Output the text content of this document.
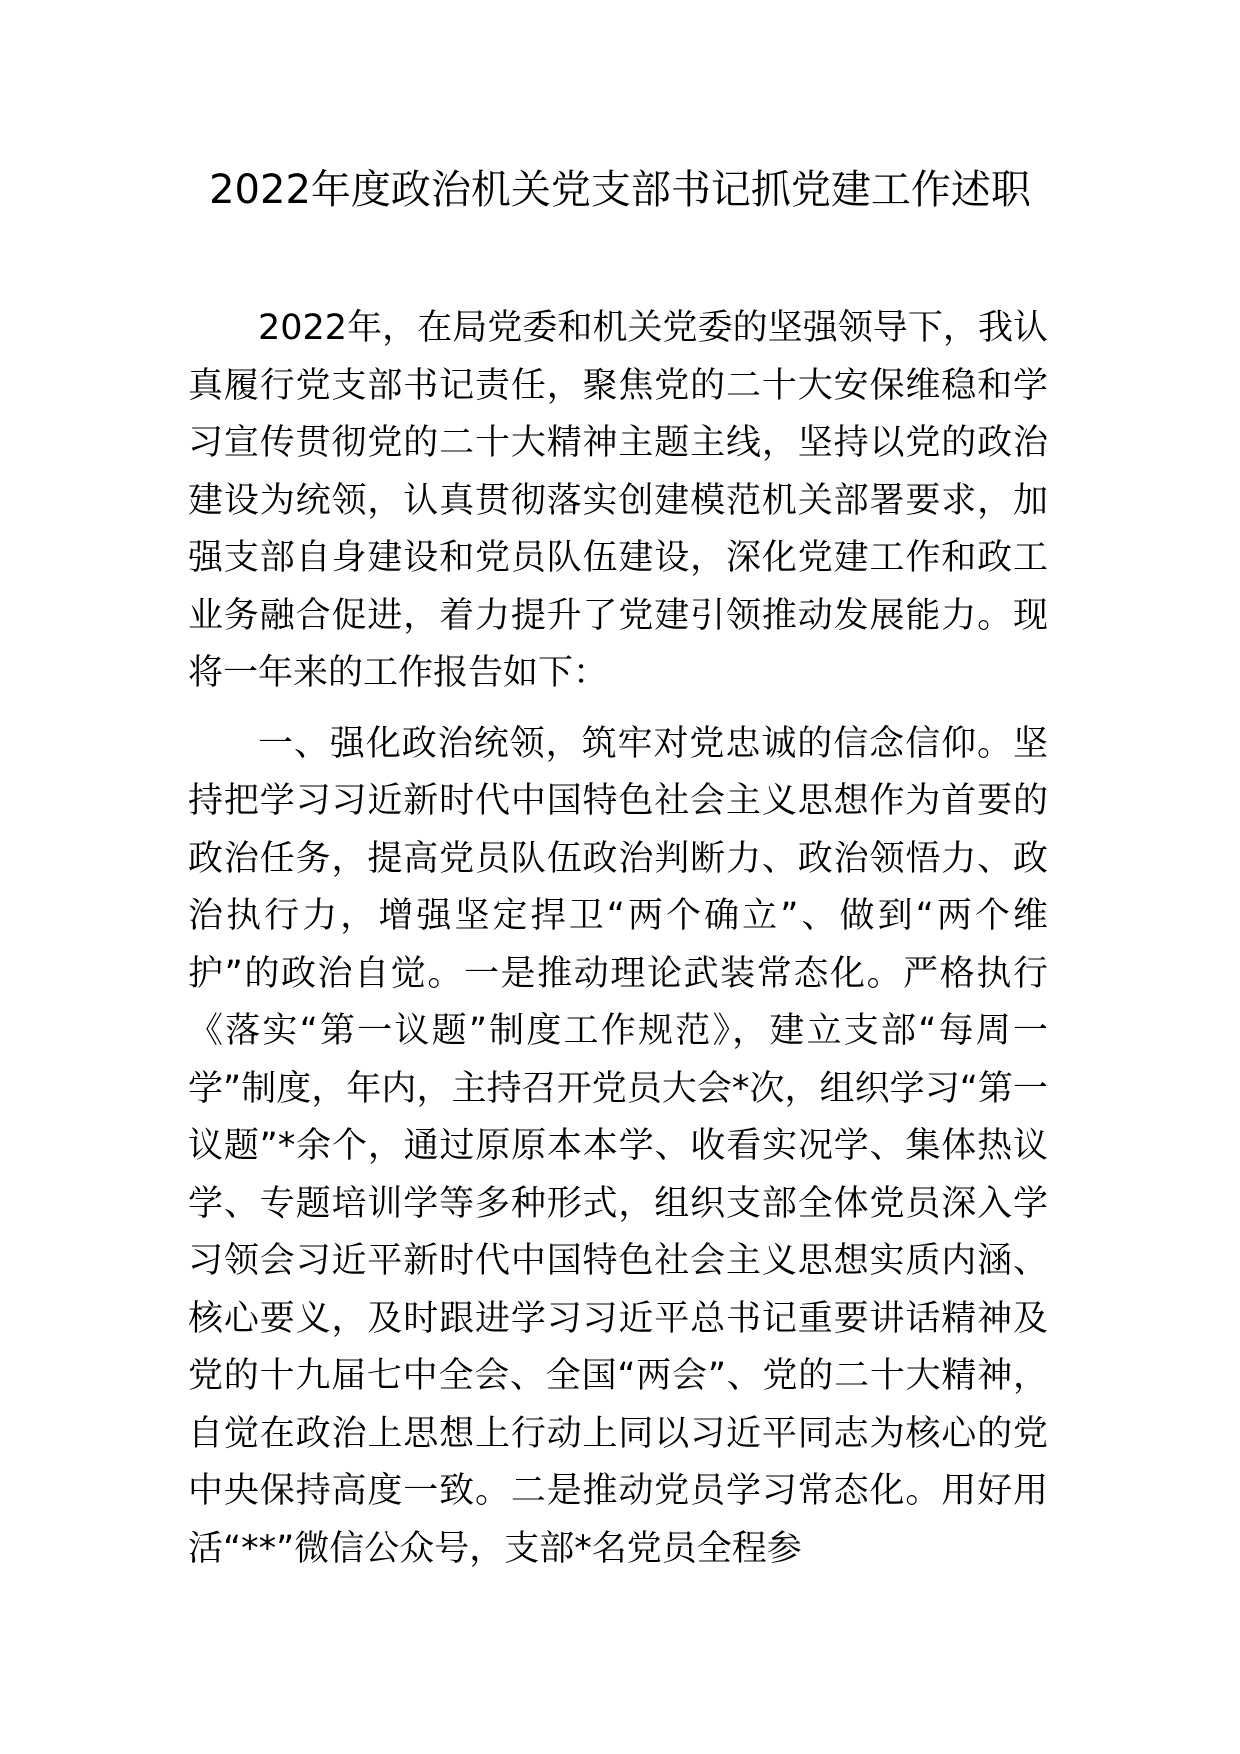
2022年度政治机关党支部书记抓党建工作述职

2022年，在局党委和机关党委的坚强领导下，我认真履行党支部书记责任，聚焦党的二十大安保维稳和学习宣传贯彻党的二十大精神主题主线，坚持以党的政治建设为统领，认真贯彻落实创建模范机关部署要求，加强支部自身建设和党员队伍建设，深化党建工作和政工业务融合促进，着力提升了党建引领推动发展能力。现将一年来的工作报告如下：

一、强化政治统领，筑牢对党忠诚的信念信仰。坚持把学习习近新时代中国特色社会主义思想作为首要的政治任务，提高党员队伍政治判断力、政治领悟力、政治执行力，增强坚定捍卫“两个确立”、做到“两个维护”的政治自觉。一是推动理论武装常态化。严格执行《落实“第一议题”制度工作规范》，建立支部“每周一学”制度，年内，主持召开党员大会*次，组织学习“第一议题”*余个，通过原原本本学、收看实况学、集体热议学、专题培训学等多种形式，组织支部全体党员深入学习领会习近平新时代中国特色社会主义思想实质内涵、核心要义，及时跟进学习习近平总书记重要讲话精神及党的十九届七中全会、全国“两会”、党的二十大精神，自觉在政治上思想上行动上同以习近平同志为核心的党中央保持高度一致。二是推动党员学习常态化。用好用活“**”微信公众号，支部*名党员全程参
